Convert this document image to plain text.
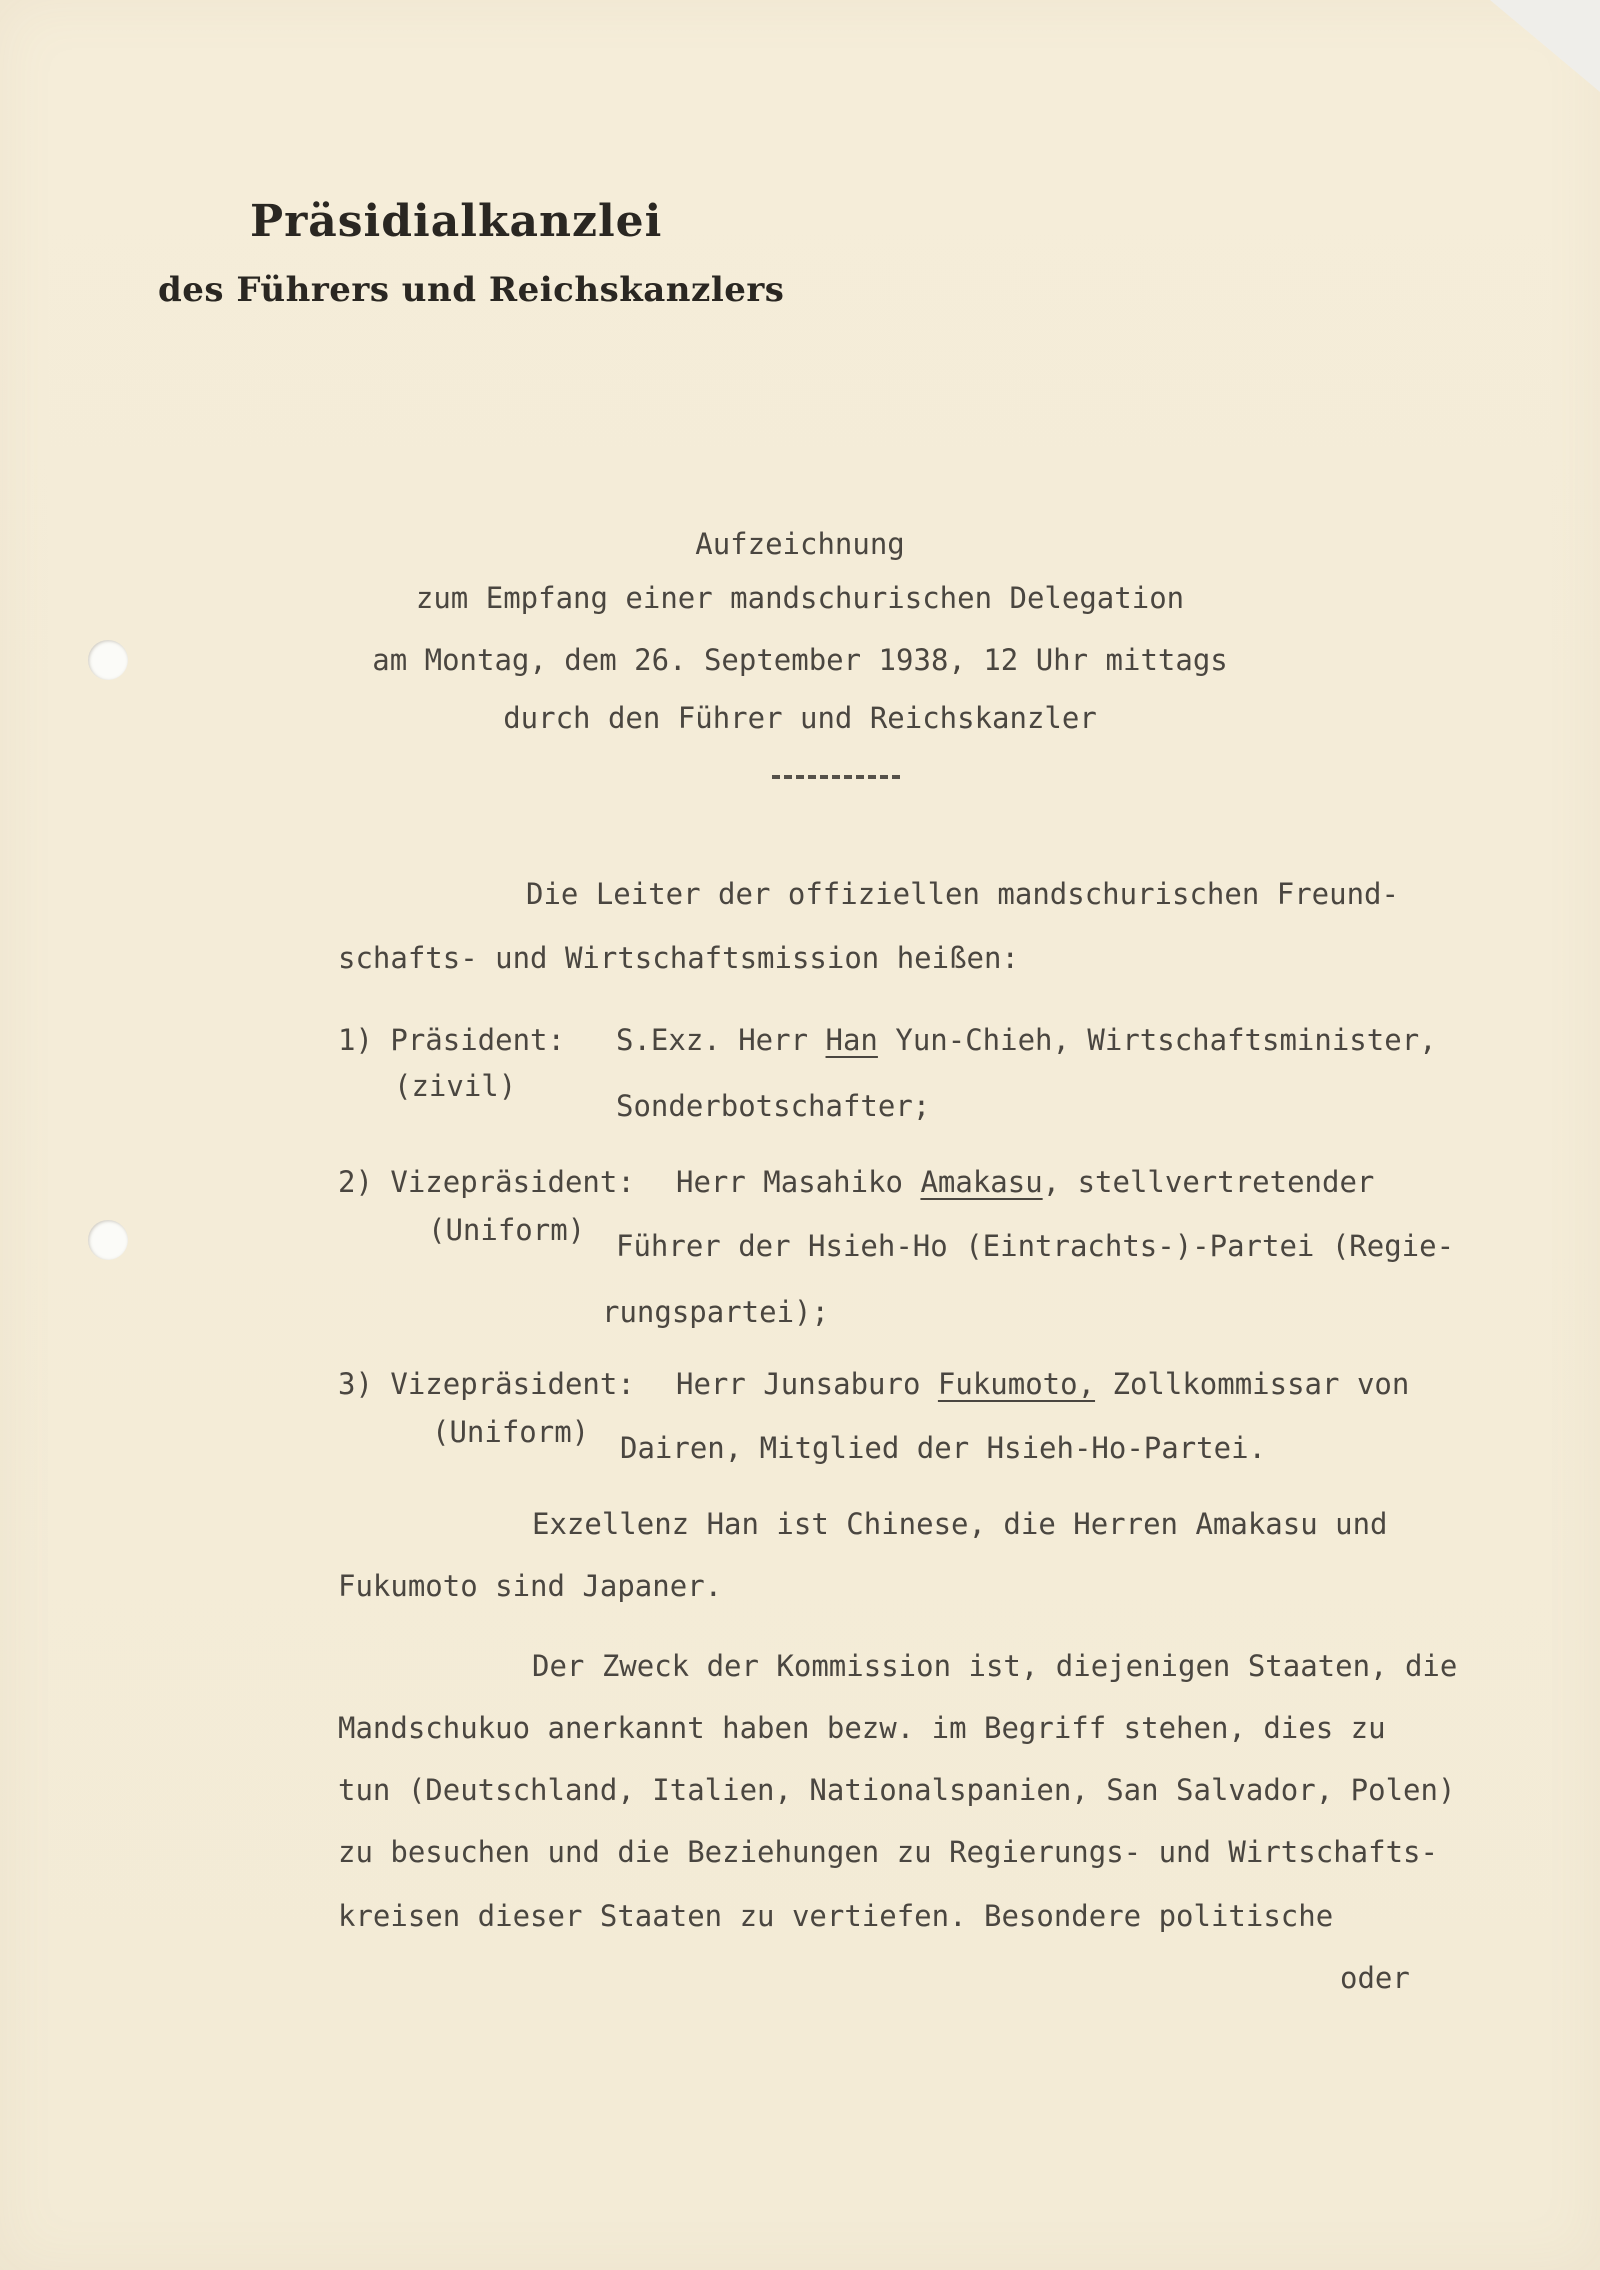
Präsidialkanzlei
des Führers und Reichskanzlers
Aufzeichnung
zum Empfang einer mandschurischen Delegation
am Montag, dem 26. September 1938, 12 Uhr mittags
durch den Führer und Reichskanzler
Die Leiter der offiziellen mandschurischen Freund-
schafts- und Wirtschaftsmission heißen:
1) Präsident: S.Exz. Herr Han Yun-Chieh, Wirtschaftsminister,
(zivil)
Sonderbotschafter;
2) Vizepräsident: Herr Masahiko Amakasu, stellvertretender
(Uniform) Führer der Hsieh-Ho (Eintrachts-)-Partei (Regie-
rungspartei);
3) Vizepräsident: Herr Junsaburo Fukumoto, Zollkommissar von
(Uniform) Dairen, Mitglied der Hsieh-Ho-Partei.
Exzellenz Han ist Chinese, die Herren Amakasu und
Fukumoto sind Japaner.
Der Zweck der Kommission ist, diejenigen Staaten, die
Mandschukuo anerkannt haben bezw. im Begriff stehen, dies zu
tun (Deutschland, Italien, Nationalspanien, San Salvador, Polen)
zu besuchen und die Beziehungen zu Regierungs- und Wirtschafts-
kreisen dieser Staaten zu vertiefen. Besondere politische
oder
